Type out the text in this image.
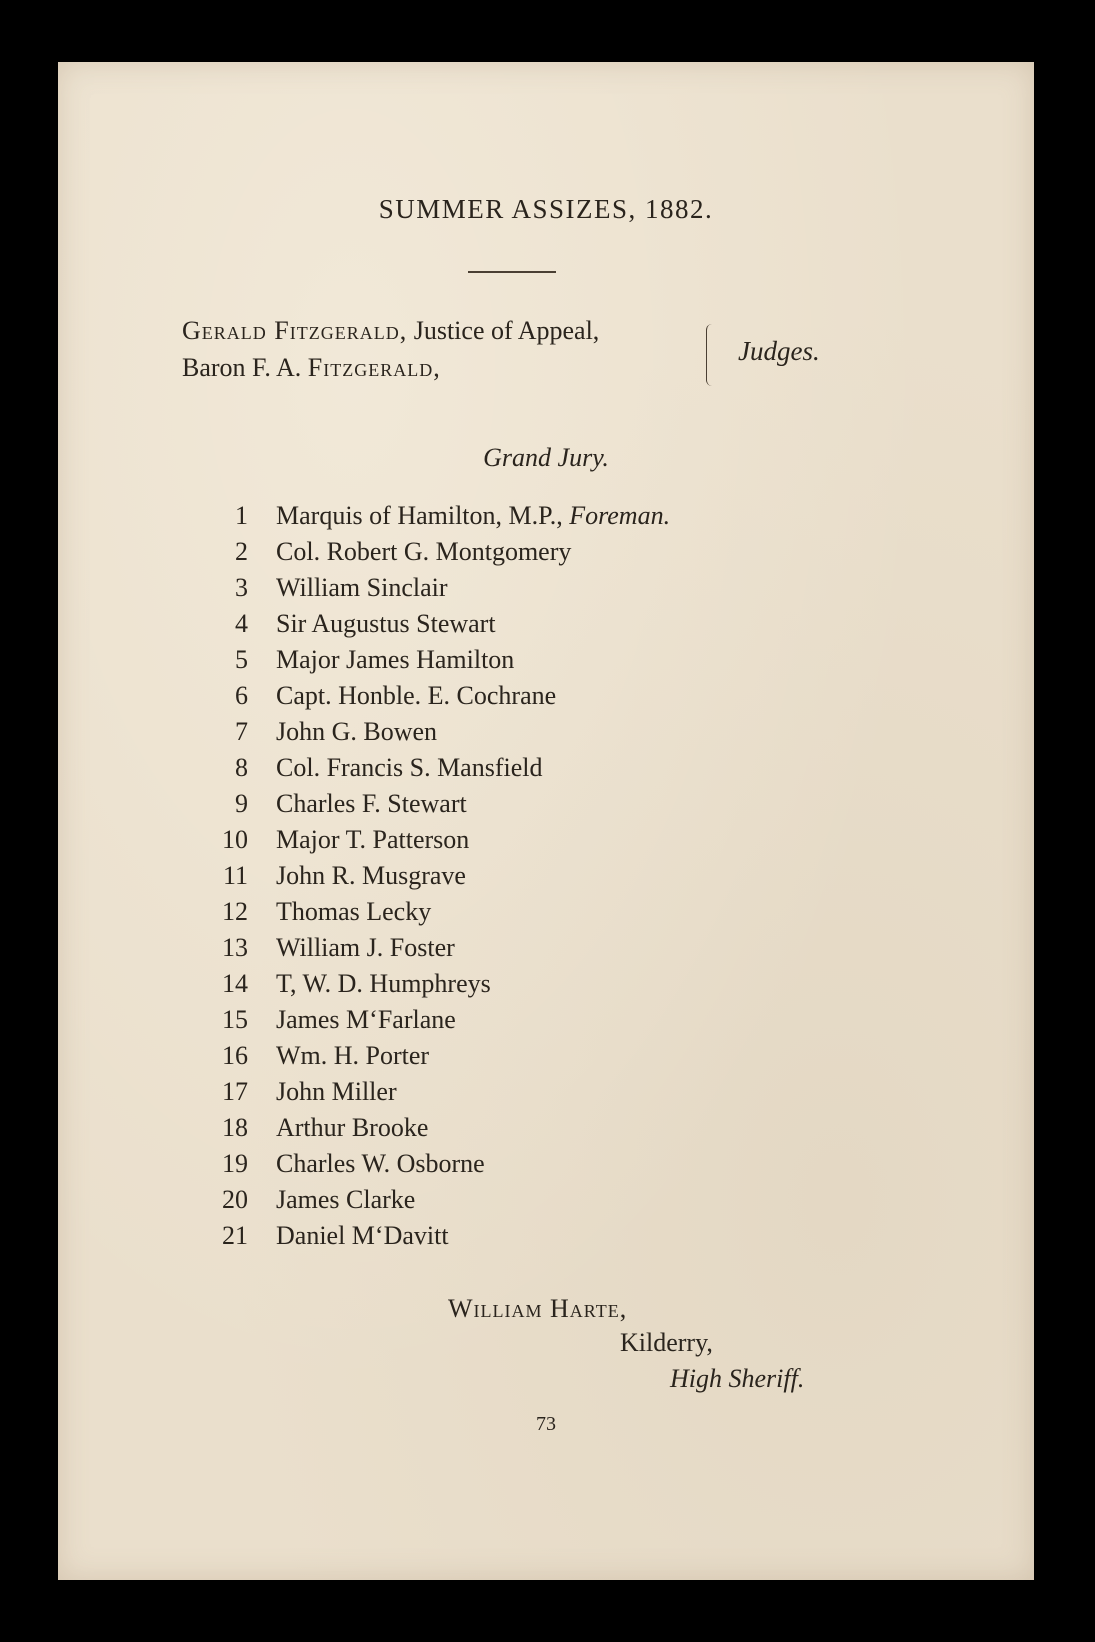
SUMMER ASSIZES, 1882.
Gerald Fitzgerald, Justice of Appeal,
Baron F. A. Fitzgerald,
Judges.
Grand Jury.
1 Marquis of Hamilton, M.P., Foreman.
2 Col. Robert G. Montgomery
3 William Sinclair
4 Sir Augustus Stewart
5 Major James Hamilton
6 Capt. Honble. E. Cochrane
7 John G. Bowen
8 Col. Francis S. Mansfield
9 Charles F. Stewart
10 Major T. Patterson
11 John R. Musgrave
12 Thomas Lecky
13 William J. Foster
14 T, W. D. Humphreys
15 James M‘Farlane
16 Wm. H. Porter
17 John Miller
18 Arthur Brooke
19 Charles W. Osborne
20 James Clarke
21 Daniel M‘Davitt
William Harte,
Kilderry,
High Sheriff.
73
